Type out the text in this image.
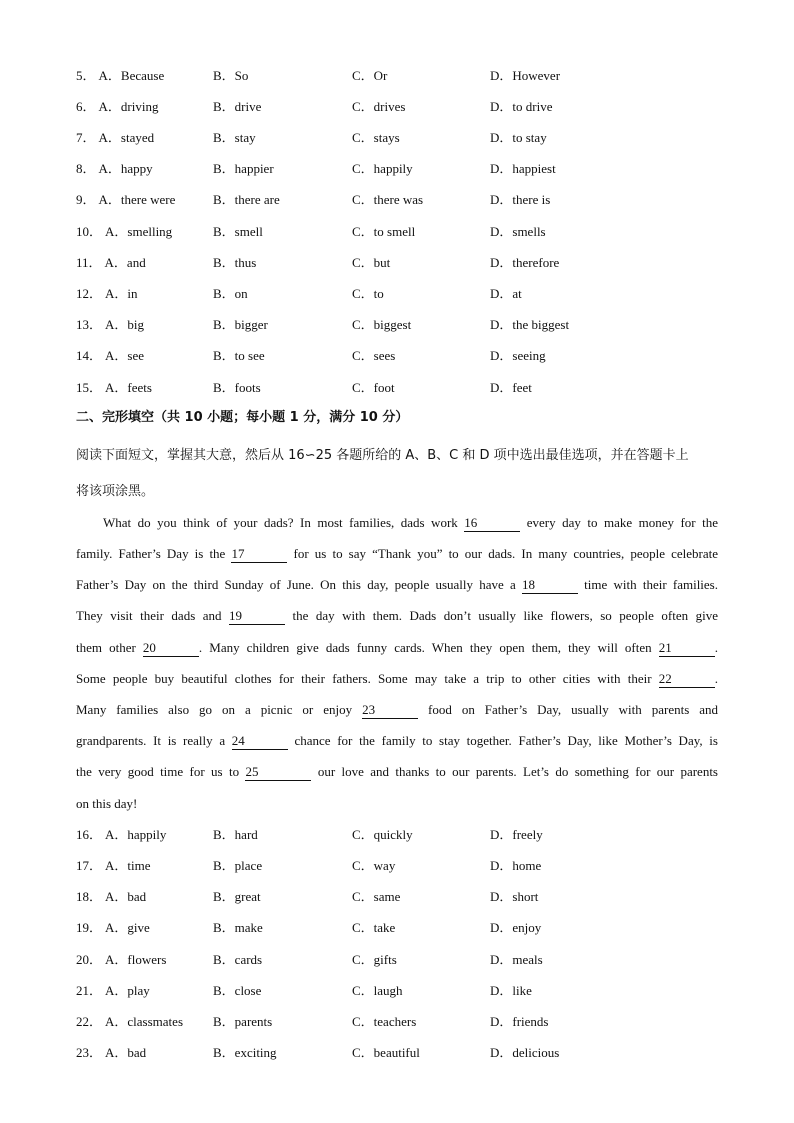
5． A．Because	B．So	C．Or	D．However
6． A．driving	B．drive	C．drives	D．to drive
7． A．stayed	B．stay	C．stays	D．to stay
8． A．happy	B．happier	C．happily	D．happiest
9． A．there were	B．there are	C．there was	D．there is
10． A．smelling	B．smell	C．to smell	D．smells
11． A．and	B．thus	C．but	D．therefore
12． A．in	B．on	C．to	D．at
13． A．big	B．bigger	C．biggest	D．the biggest
14． A．see	B．to see	C．sees	D．seeing
15． A．feets	B．foots	C．foot	D．feet
二、完形填空（共 10 小题；每小题 1 分，满分 10 分）
阅读下面短文，掌握其大意，然后从 16∽25 各题所给的 A、B、C 和 D 项中选出最佳选项，并在答题卡上
将该项涂黑。
What do you think of your dads? In most families, dads work 16	every day to make money for the
family. Father’s Day is the 17	for us to say “Thank you” to our dads. In many countries, people celebrate
Father’s Day on the third Sunday of June. On this day, people usually have a 18	time with their families.
They visit their dads and 19	the day with them. Dads don’t usually like flowers, so people often give
them other 20	. Many children give dads funny cards. When they open them, they will often 21	.
Some people buy beautiful clothes for their fathers. Some may take a trip to other cities with their 22	.
Many families also go on a picnic or enjoy 23	food on Father’s Day, usually with parents and
grandparents. It is really a 24	chance for the family to stay together. Father’s Day, like Mother’s Day, is
the very good time for us to 25	our love and thanks to our parents. Let’s do something for our parents
on this day!
16． A．happily	B．hard	C．quickly	D．freely
17． A．time	B．place	C．way	D．home
18． A．bad	B．great	C．same	D．short
19． A．give	B．make	C．take	D．enjoy
20． A．flowers	B．cards	C．gifts	D．meals
21． A．play	B．close	C．laugh	D．like
22． A．classmates B．parents	C．teachers	D．friends
23． A．bad	B．exciting	C．beautiful	D．delicious
